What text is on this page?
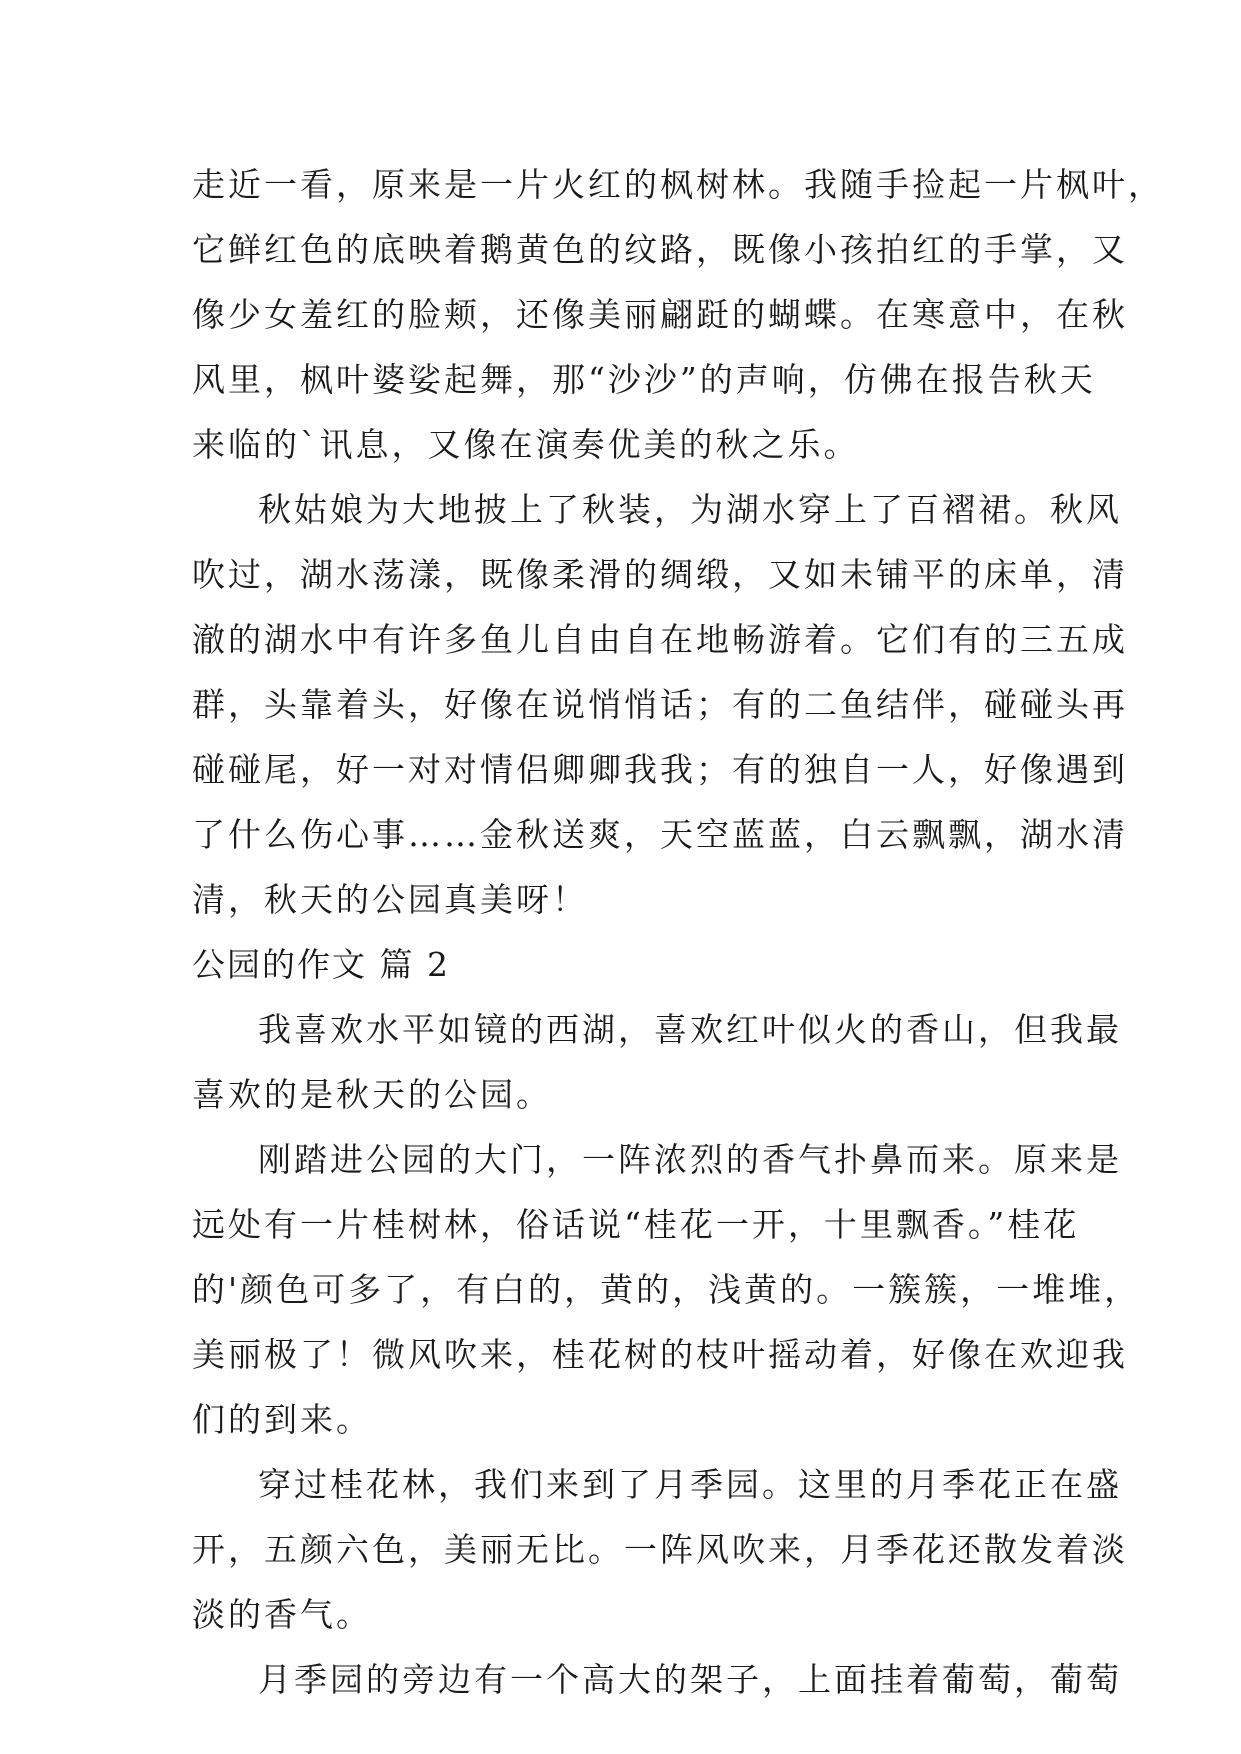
走近一看，原来是一片火红的枫树林。我随手捡起一片枫叶，
它鲜红色的底映着鹅黄色的纹路，既像小孩拍红的手掌，又
像少女羞红的脸颊，还像美丽翩跹的蝴蝶。在寒意中，在秋
风里，枫叶婆娑起舞，那“沙沙”的声响，仿佛在报告秋天
来临的`讯息，又像在演奏优美的秋之乐。
秋姑娘为大地披上了秋装，为湖水穿上了百褶裙。秋风
吹过，湖水荡漾，既像柔滑的绸缎，又如未铺平的床单，清
澈的湖水中有许多鱼儿自由自在地畅游着。它们有的三五成
群，头靠着头，好像在说悄悄话；有的二鱼结伴，碰碰头再
碰碰尾，好一对对情侣卿卿我我；有的独自一人，好像遇到
了什么伤心事……金秋送爽，天空蓝蓝，白云飘飘，湖水清
清，秋天的公园真美呀！
公园的作文 篇 2
我喜欢水平如镜的西湖，喜欢红叶似火的香山，但我最
喜欢的是秋天的公园。
刚踏进公园的大门，一阵浓烈的香气扑鼻而来。原来是
远处有一片桂树林，俗话说“桂花一开，十里飘香。”桂花
的'颜色可多了，有白的，黄的，浅黄的。一簇簇，一堆堆，
美丽极了！微风吹来，桂花树的枝叶摇动着，好像在欢迎我
们的到来。
穿过桂花林，我们来到了月季园。这里的月季花正在盛
开，五颜六色，美丽无比。一阵风吹来，月季花还散发着淡
淡的香气。
月季园的旁边有一个高大的架子，上面挂着葡萄，葡萄
